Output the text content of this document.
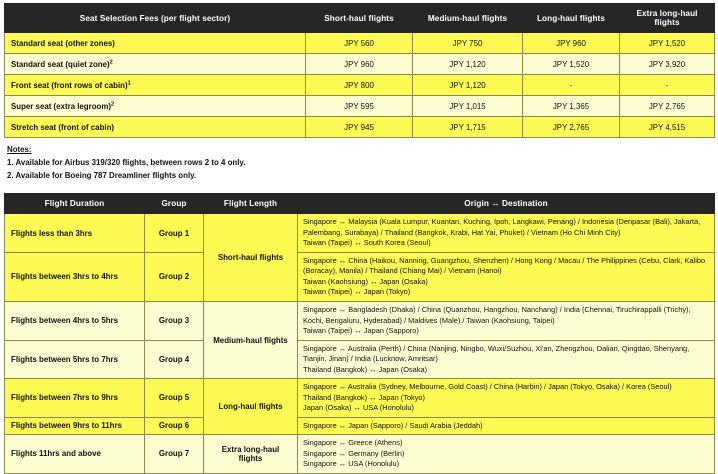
Seat Selection Fees (per flight sector)	Short-haul flights	Medium-haul flights	Long-haul flights	Extra long-haul flights
Standard seat (other zones)	JPY 560	JPY 750	JPY 960	JPY 1,520
Standard seat (quiet zone)$^2$	JPY 960	JPY 1,120	JPY 1,520	JPY 3,920
Front seat (front rows of cabin)$^1$	JPY 800	JPY 1,120	-	-
Super seat (extra legroom)$^2$	JPY 595	JPY 1,015	JPY 1,365	JPY 2,765
Stretch seat (front of cabin)	JPY 945	JPY 1,715	JPY 2,765	JPY 4,515
Notes:
1. Available for Airbus 319/320 flights, between rows 2 to 4 only.
2. Available for Boeing 787 Dreamliner flights only.
Flight Duration	Group	Flight Length	Origin ↔ Destination
Flights less than 3hrs	Group 1	Short-haul flights	Singapore ↔ Malaysia (Kuala Lumpur, Kuantan, Kuching, Ipoh, Langkawi, Penang) / Indonesia (Denpasar (Bali), Jakarta, Palembang, Surabaya) / Thailand (Bangkok, Krabi, Hat Yai, Phuket) / Vietnam (Ho Chi Minh City)
Taiwan (Taipei) ↔ South Korea (Seoul)

Flights between 3hrs to 4hrs	Group 2		Singapore ↔ China (Haikou, Nanning, Guangzhou, Shenzhen) / Hong Kong / Macau / The Philippines (Cebu, Clark, Kalibo (Boracay), Manila) / Thailand (Chiang Mai) / Vietnam (Hanoi)
Taiwan (Kaohsiung) ↔ Japan (Osaka)
Taiwan (Taipei) ↔ Japan (Tokyo)

Flights between 4hrs to 5hrs	Group 3	Medium-haul flights	Singapore ↔ Bangladesh (Dhaka) / China (Quanzhou, Hangzhou, Nanchang) / India (Chennai, Tiruchirappalli (Trichy), Kochi, Bengaluru, Hyderabad) / Maldives (Male) / Taiwan (Kaohsiung, Taipei)
Taiwan (Taipei) ↔ Japan (Sapporo)

Flights between 5hrs to 7hrs	Group 4		Singapore ↔ Australia (Perth) / China (Nanjing, Ningbo, Wuxi/Suzhou, Xi'an, Zhengzhou, Dalian, Qingdao, Shenyang, Tianjin, Jinan) / India (Lucknow, Amritsar)
Thailand (Bangkok) ↔ Japan (Osaka)

Flights between 7hrs to 9hrs	Group 5	Long-haul flights	Singapore ↔ Australia (Sydney, Melbourne, Gold Coast) / China (Harbin) / Japan (Tokyo, Osaka) / Korea (Seoul)
Thailand (Bangkok) ↔ Japan (Tokyo)
Japan (Osaka) ↔ USA (Honolulu)

Flights between 9hrs to 11hrs	Group 6		Singapore ↔ Japan (Sapporo) / Saudi Arabia (Jeddah)

Flights 11hrs and above	Group 7	Extra long-haul flights	Singapore ↔ Greece (Athens)
Singapore ↔ Germany (Berlin)
Singapore ↔ USA (Honolulu)
